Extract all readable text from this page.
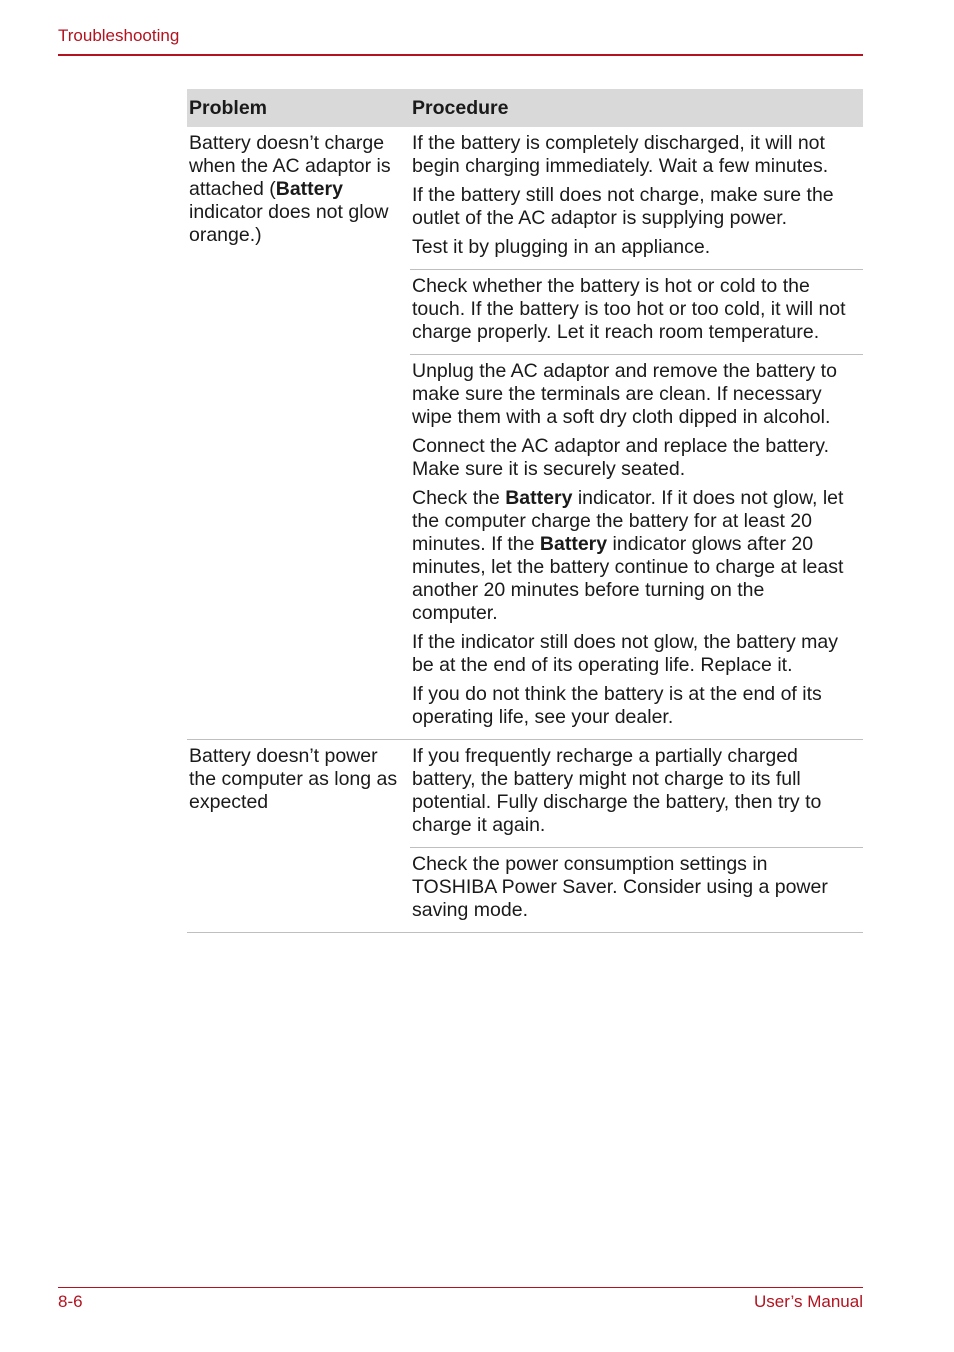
Troubleshooting
Problem	Procedure
Battery doesn’t charge when the AC adaptor is attached (Battery indicator does not glow orange.)

If the battery is completely discharged, it will not begin charging immediately. Wait a few minutes.

If the battery still does not charge, make sure the outlet of the AC adaptor is supplying power.

Test it by plugging in an appliance.

Check whether the battery is hot or cold to the touch. If the battery is too hot or too cold, it will not charge properly. Let it reach room temperature.

Unplug the AC adaptor and remove the battery to make sure the terminals are clean. If necessary wipe them with a soft dry cloth dipped in alcohol.

Connect the AC adaptor and replace the battery. Make sure it is securely seated.

Check the Battery indicator. If it does not glow, let the computer charge the battery for at least 20 minutes. If the Battery indicator glows after 20 minutes, let the battery continue to charge at least another 20 minutes before turning on the computer.

If the indicator still does not glow, the battery may be at the end of its operating life. Replace it.

If you do not think the battery is at the end of its operating life, see your dealer.

Battery doesn’t power the computer as long as expected

If you frequently recharge a partially charged battery, the battery might not charge to its full potential. Fully discharge the battery, then try to charge it again.

Check the power consumption settings in TOSHIBA Power Saver. Consider using a power saving mode.

8-6	User’s Manual
